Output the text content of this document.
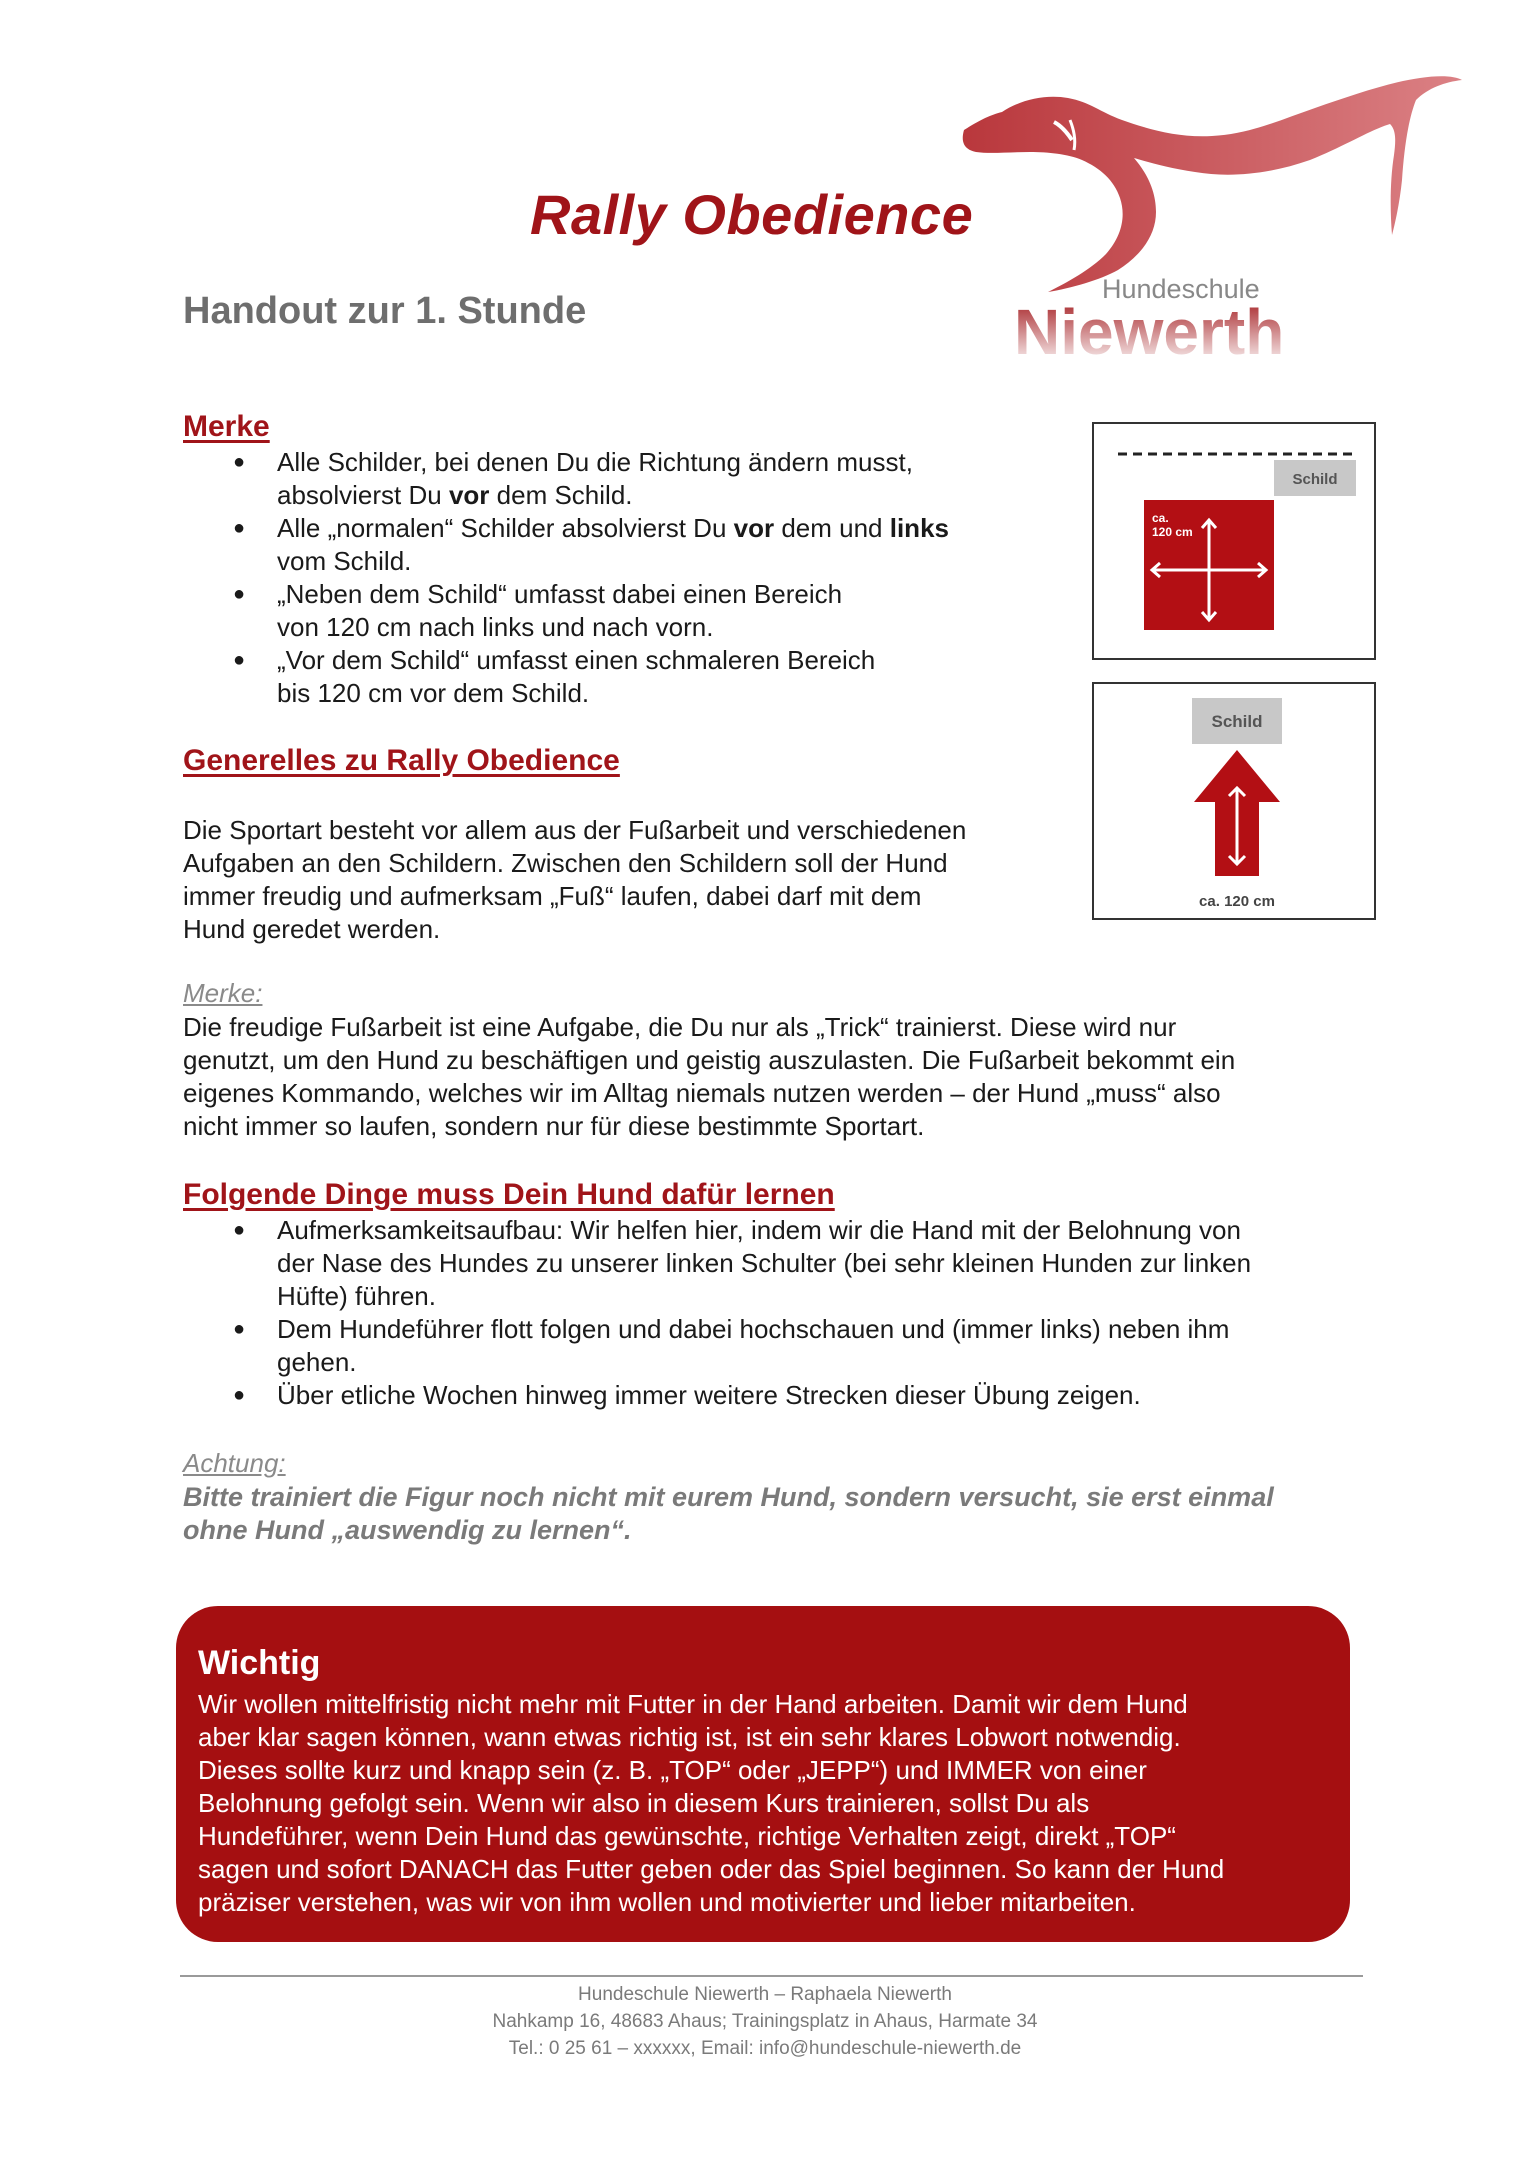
Hundeschule
Niewerth
Rally Obedience
Handout zur 1. Stunde
Merke
● Alle Schilder, bei denen Du die Richtung ändern musst,
absolvierst Du vor dem Schild.
● Alle „normalen“ Schilder absolvierst Du vor dem und links
vom Schild.
● „Neben dem Schild“ umfasst dabei einen Bereich
von 120 cm nach links und nach vorn.
● „Vor dem Schild“ umfasst einen schmaleren Bereich
bis 120 cm vor dem Schild.
Schild
ca.
120 cm
Schild
ca. 120 cm
Generelles zu Rally Obedience
Die Sportart besteht vor allem aus der Fußarbeit und verschiedenen
Aufgaben an den Schildern. Zwischen den Schildern soll der Hund
immer freudig und aufmerksam „Fuß“ laufen, dabei darf mit dem
Hund geredet werden.
Merke:
Die freudige Fußarbeit ist eine Aufgabe, die Du nur als „Trick“ trainierst. Diese wird nur
genutzt, um den Hund zu beschäftigen und geistig auszulasten. Die Fußarbeit bekommt ein
eigenes Kommando, welches wir im Alltag niemals nutzen werden – der Hund „muss“ also
nicht immer so laufen, sondern nur für diese bestimmte Sportart.
Folgende Dinge muss Dein Hund dafür lernen
● Aufmerksamkeitsaufbau: Wir helfen hier, indem wir die Hand mit der Belohnung von
der Nase des Hundes zu unserer linken Schulter (bei sehr kleinen Hunden zur linken
Hüfte) führen.
● Dem Hundeführer flott folgen und dabei hochschauen und (immer links) neben ihm
gehen.
● Über etliche Wochen hinweg immer weitere Strecken dieser Übung zeigen.
Achtung:
Bitte trainiert die Figur noch nicht mit eurem Hund, sondern versucht, sie erst einmal
ohne Hund „auswendig zu lernen“.
Wichtig
Wir wollen mittelfristig nicht mehr mit Futter in der Hand arbeiten. Damit wir dem Hund
aber klar sagen können, wann etwas richtig ist, ist ein sehr klares Lobwort notwendig.
Dieses sollte kurz und knapp sein (z. B. „TOP“ oder „JEPP“) und IMMER von einer
Belohnung gefolgt sein. Wenn wir also in diesem Kurs trainieren, sollst Du als
Hundeführer, wenn Dein Hund das gewünschte, richtige Verhalten zeigt, direkt „TOP“
sagen und sofort DANACH das Futter geben oder das Spiel beginnen. So kann der Hund
präziser verstehen, was wir von ihm wollen und motivierter und lieber mitarbeiten.
Hundeschule Niewerth – Raphaela Niewerth
Nahkamp 16, 48683 Ahaus; Trainingsplatz in Ahaus, Harmate 34
Tel.: 0 25 61 – xxxxxx, Email: info@hundeschule-niewerth.de
